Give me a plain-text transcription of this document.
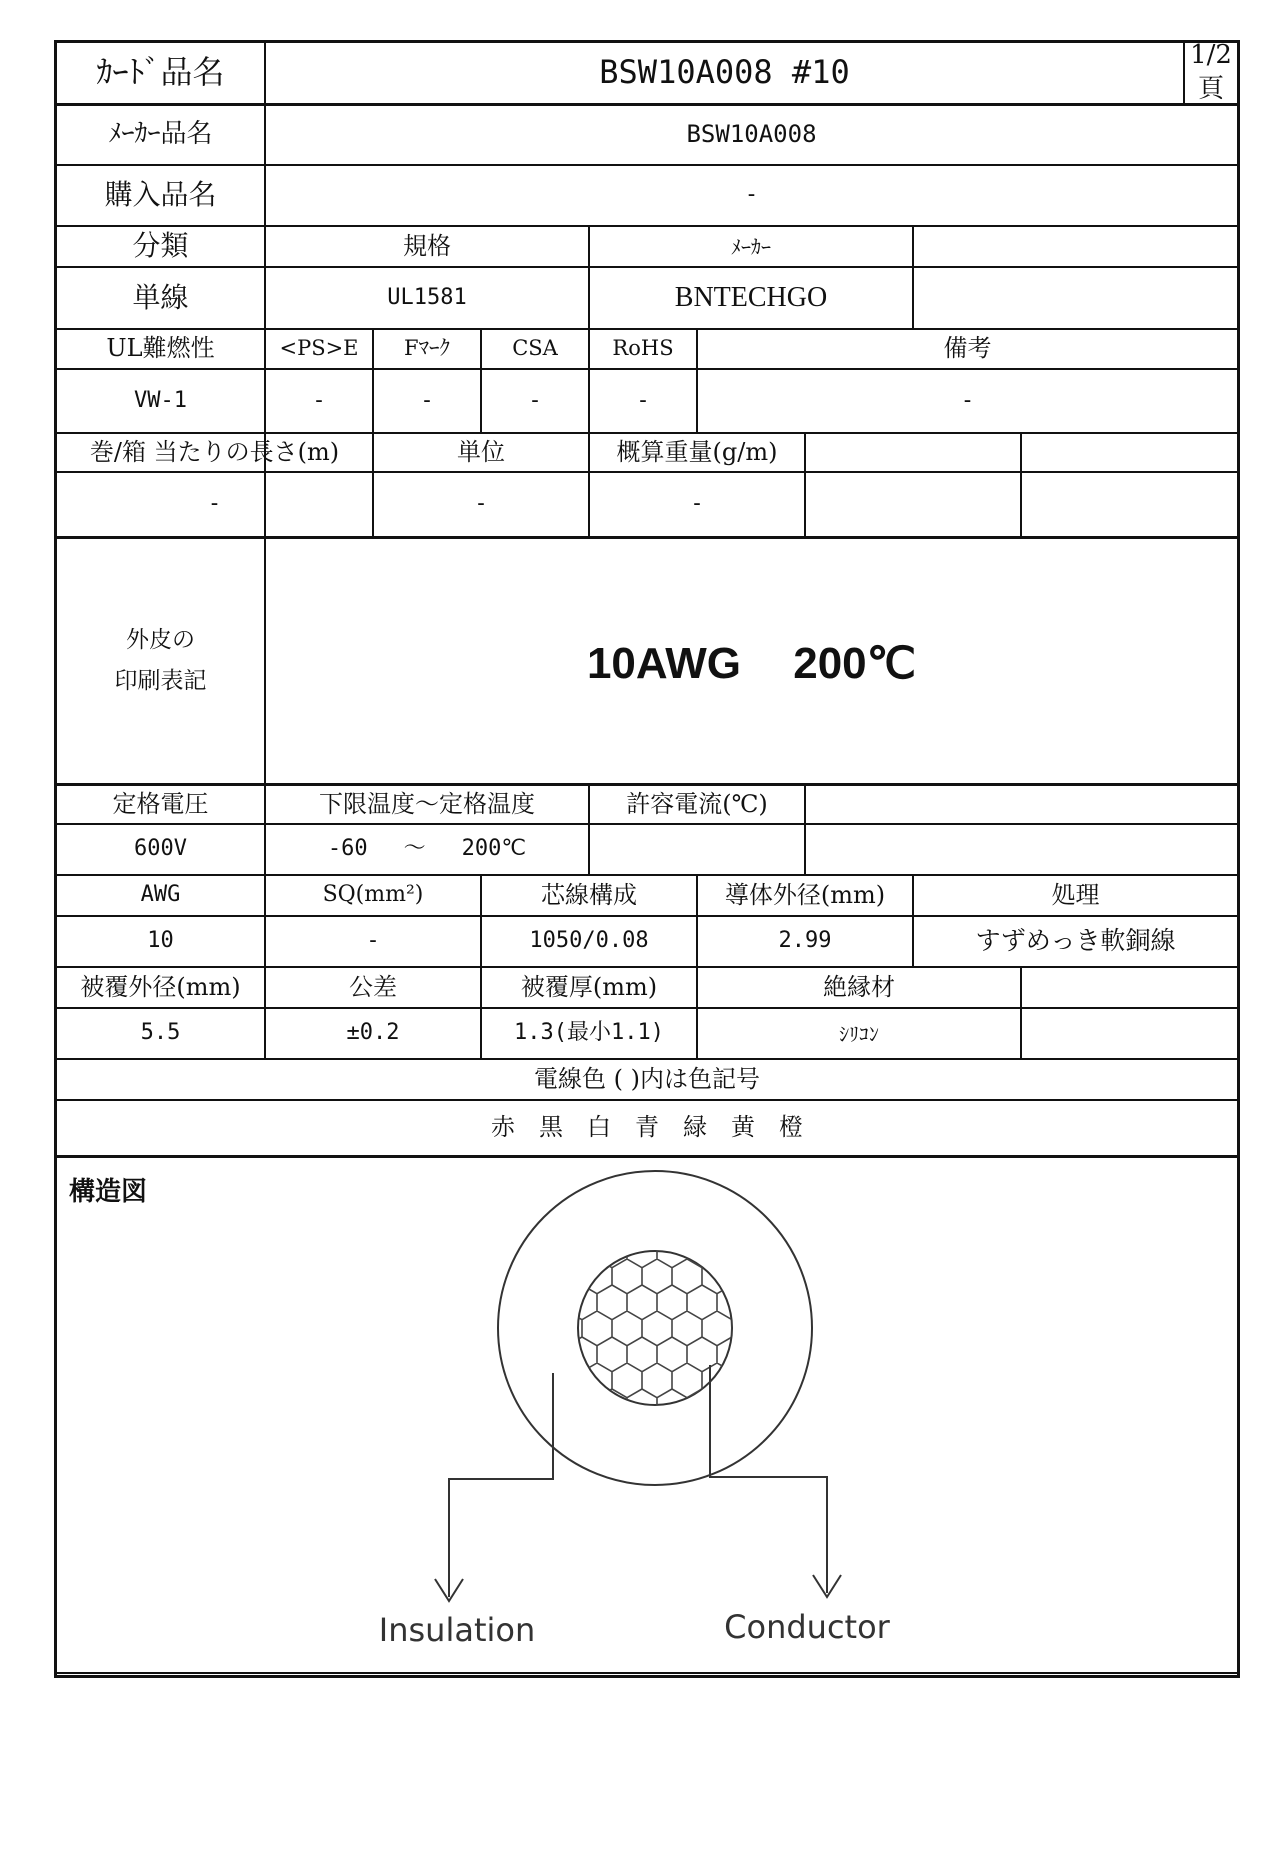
ｶｰﾄﾞ品名	BSW10A008 #10	1/2頁
ﾒｰｶｰ品名	BSW10A008
購入品名	-
分類	規格	ﾒｰｶｰ
単線	UL1581	BNTECHGO
UL難燃性	<PS>E	Fﾏｰｸ	CSA	RoHS	備考
VW-1	-	-	-	-	-
巻/箱 当たりの長さ(m)	単位	概算重量(g/m)
-	-	-
外皮の
印刷表記	10AWG 200℃
定格電圧	下限温度～定格温度	許容電流(℃)
600V	-60 ～ 200℃
AWG	SQ(mm²)	芯線構成	導体外径(mm)	処理
10	-	1050/0.08	2.99	すずめっき軟銅線
被覆外径(mm)	公差	被覆厚(mm)	絶縁材
5.5	±0.2	1.3(最小1.1)	ｼﾘｺﾝ
電線色 ( )内は色記号
赤 黒 白 青 緑 黄 橙
構造図
Insulation	Conductor
